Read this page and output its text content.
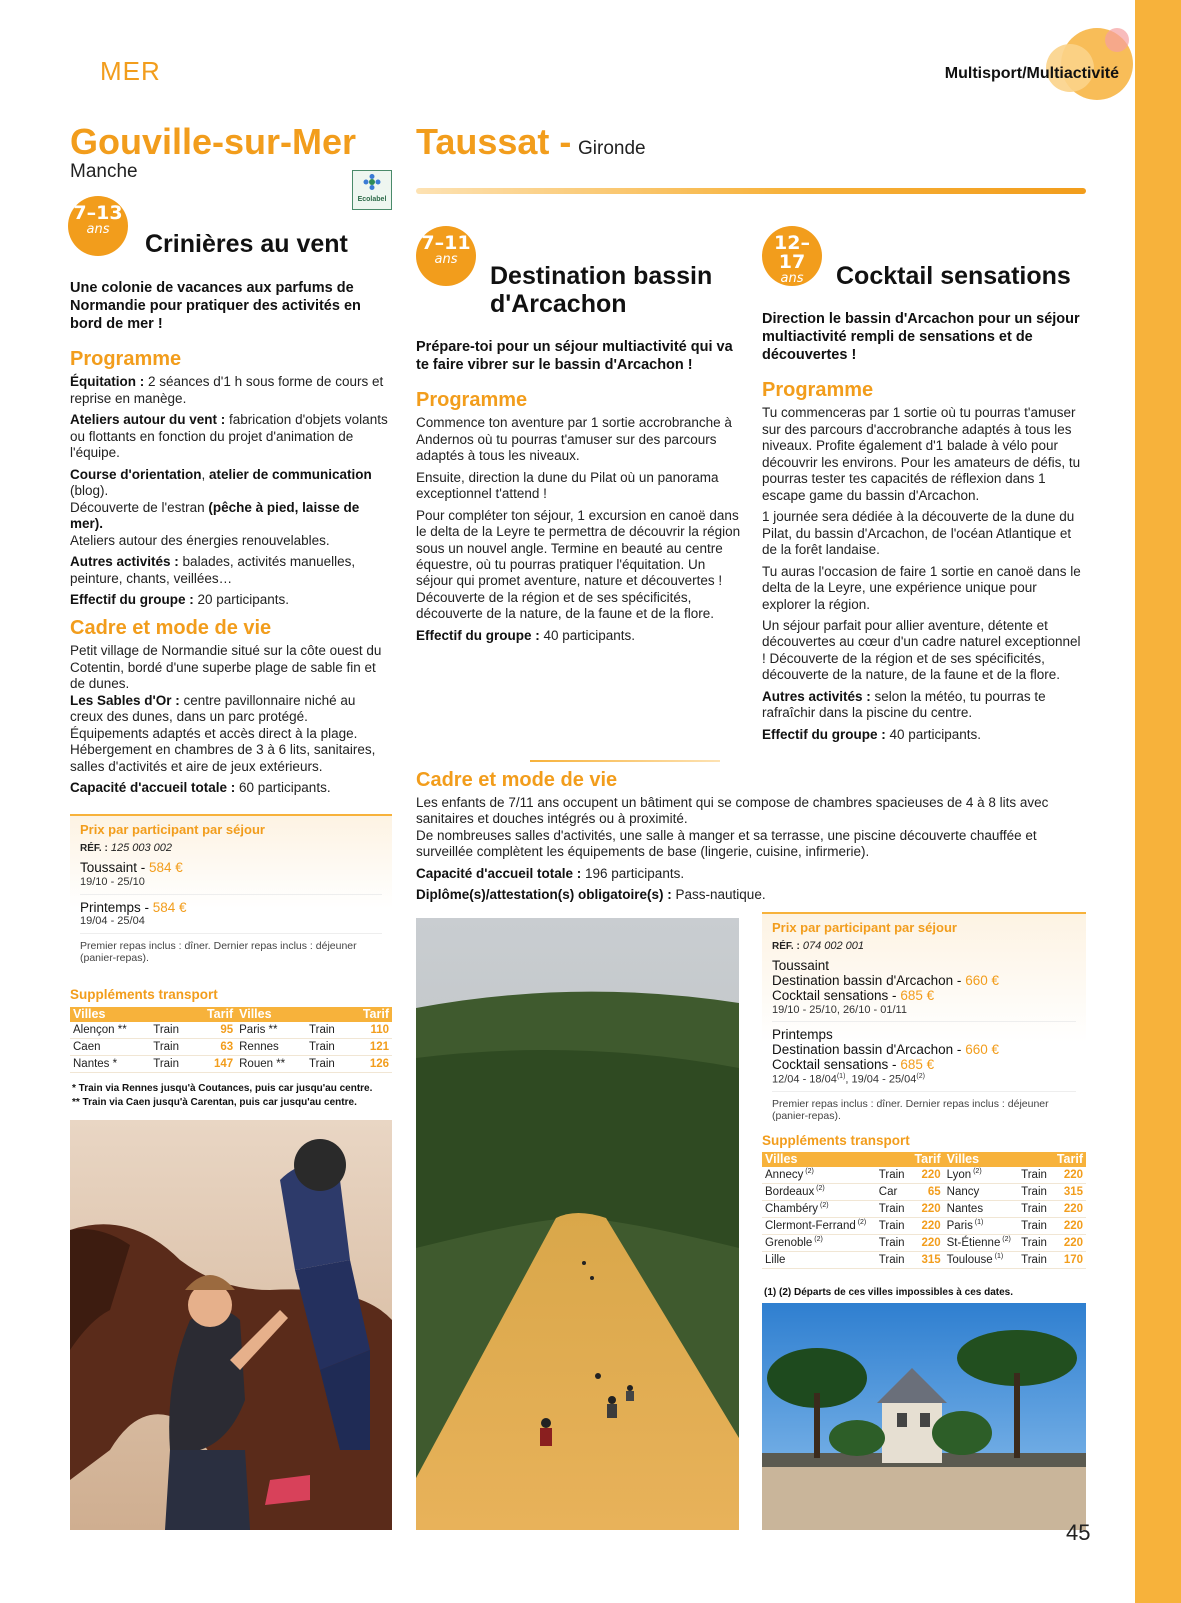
MER	Multisport/Multiactivité
Gouville-sur-Mer
Manche
Ecolabel
7–13
ans
Crinières au vent
Une colonie de vacances aux parfums de Normandie pour pratiquer des activités en bord de mer !
Programme

Équitation : 2 séances d'1 h sous forme de cours et reprise en manège.

Ateliers autour du vent : fabrication d'objets volants ou flottants en fonction du projet d'animation de l'équipe.

Course d'orientation, atelier de communication (blog).

Découverte de l'estran (pêche à pied, laisse de mer).

Ateliers autour des énergies renouvelables.

Autres activités : balades, activités manuelles, peinture, chants, veillées…

Effectif du groupe : 20 participants.

Cadre et mode de vie

Petit village de Normandie situé sur la côte ouest du Cotentin, bordé d'une superbe plage de sable fin et de dunes.

Les Sables d'Or : centre pavillonnaire niché au creux des dunes, dans un parc protégé. Équipements adaptés et accès direct à la plage. Hébergement en chambres de 3 à 6 lits, sanitaires, salles d'activités et aire de jeux extérieurs.

Capacité d'accueil totale : 60 participants.

Prix par participant par séjour
RÉF. : 125 003 002
Toussaint - 584 €
19/10 - 25/10
Printemps - 584 €
19/04 - 25/04
Premier repas inclus : dîner. Dernier repas inclus : déjeuner (panier-repas).
Suppléments transport
Villes		Tarif	Villes		Tarif
Alençon **	Train	95	Paris **	Train	110
Caen	Train	63	Rennes	Train	121
Nantes *	Train	147	Rouen **	Train	126
* Train via Rennes jusqu'à Coutances, puis car jusqu'au centre.
** Train via Caen jusqu'à Carentan, puis car jusqu'au centre.
Taussat - Gironde
7–11
ans
Destination bassin
d'Arcachon
Prépare-toi pour un séjour multiactivité qui va te faire vibrer sur le bassin d'Arcachon !
Programme

Commence ton aventure par 1 sortie accrobranche à Andernos où tu pourras t'amuser sur des parcours adaptés à tous les niveaux.

Ensuite, direction la dune du Pilat où un panorama exceptionnel t'attend !

Pour compléter ton séjour, 1 excursion en canoë dans le delta de la Leyre te permettra de découvrir la région sous un nouvel angle. Termine en beauté au centre équestre, où tu pourras pratiquer l'équitation. Un séjour qui promet aventure, nature et découvertes ! Découverte de la région et de ses spécificités, découverte de la nature, de la faune et de la flore.

Effectif du groupe : 40 participants.

12–17
ans	Cocktail sensations
Direction le bassin d'Arcachon pour un séjour multiactivité rempli de sensations et de découvertes !
Programme

Tu commenceras par 1 sortie où tu pourras t'amuser sur des parcours d'accrobranche adaptés à tous les niveaux. Profite également d'1 balade à vélo pour découvrir les environs. Pour les amateurs de défis, tu pourras tester tes capacités de réflexion dans 1 escape game du bassin d'Arcachon.

1 journée sera dédiée à la découverte de la dune du Pilat, du bassin d'Arcachon, de l'océan Atlantique et de la forêt landaise.

Tu auras l'occasion de faire 1 sortie en canoë dans le delta de la Leyre, une expérience unique pour explorer la région.

Un séjour parfait pour allier aventure, détente et découvertes au cœur d'un cadre naturel exceptionnel ! Découverte de la région et de ses spécificités, découverte de la nature, de la faune et de la flore.

Autres activités : selon la météo, tu pourras te rafraîchir dans la piscine du centre.

Effectif du groupe : 40 participants.

Cadre et mode de vie

Les enfants de 7/11 ans occupent un bâtiment qui se compose de chambres spacieuses de 4 à 8 lits avec sanitaires et douches intégrés ou à proximité.

De nombreuses salles d'activités, une salle à manger et sa terrasse, une piscine découverte chauffée et surveillée complètent les équipements de base (lingerie, cuisine, infirmerie).

Capacité d'accueil totale : 196 participants.

Diplôme(s)/attestation(s) obligatoire(s) : Pass-nautique.

Prix par participant par séjour
RÉF. : 074 002 001
Toussaint
Destination bassin d'Arcachon - 660 €
Cocktail sensations - 685 €
19/10 - 25/10, 26/10 - 01/11
Printemps
Destination bassin d'Arcachon - 660 €
Cocktail sensations - 685 €
12/04 - 18/04$^{(1)}$, 19/04 - 25/04$^{(2)}$
Premier repas inclus : dîner. Dernier repas inclus : déjeuner (panier-repas).
Suppléments transport
Villes		Tarif	Villes		Tarif
Annecy $^{(2)}$	Train	220	Lyon $^{(2)}$	Train	220
Bordeaux $^{(2)}$	Car	65	Nancy	Train	315
Chambéry $^{(2)}$	Train	220	Nantes	Train	220
Clermont-Ferrand $^{(2)}$	Train	220	Paris $^{(1)}$	Train	220
Grenoble $^{(2)}$	Train	220	St-Étienne $^{(2)}$	Train	220
Lille	Train	315	Toulouse $^{(1)}$	Train	170
(1) (2) Départs de ces villes impossibles à ces dates.
45
